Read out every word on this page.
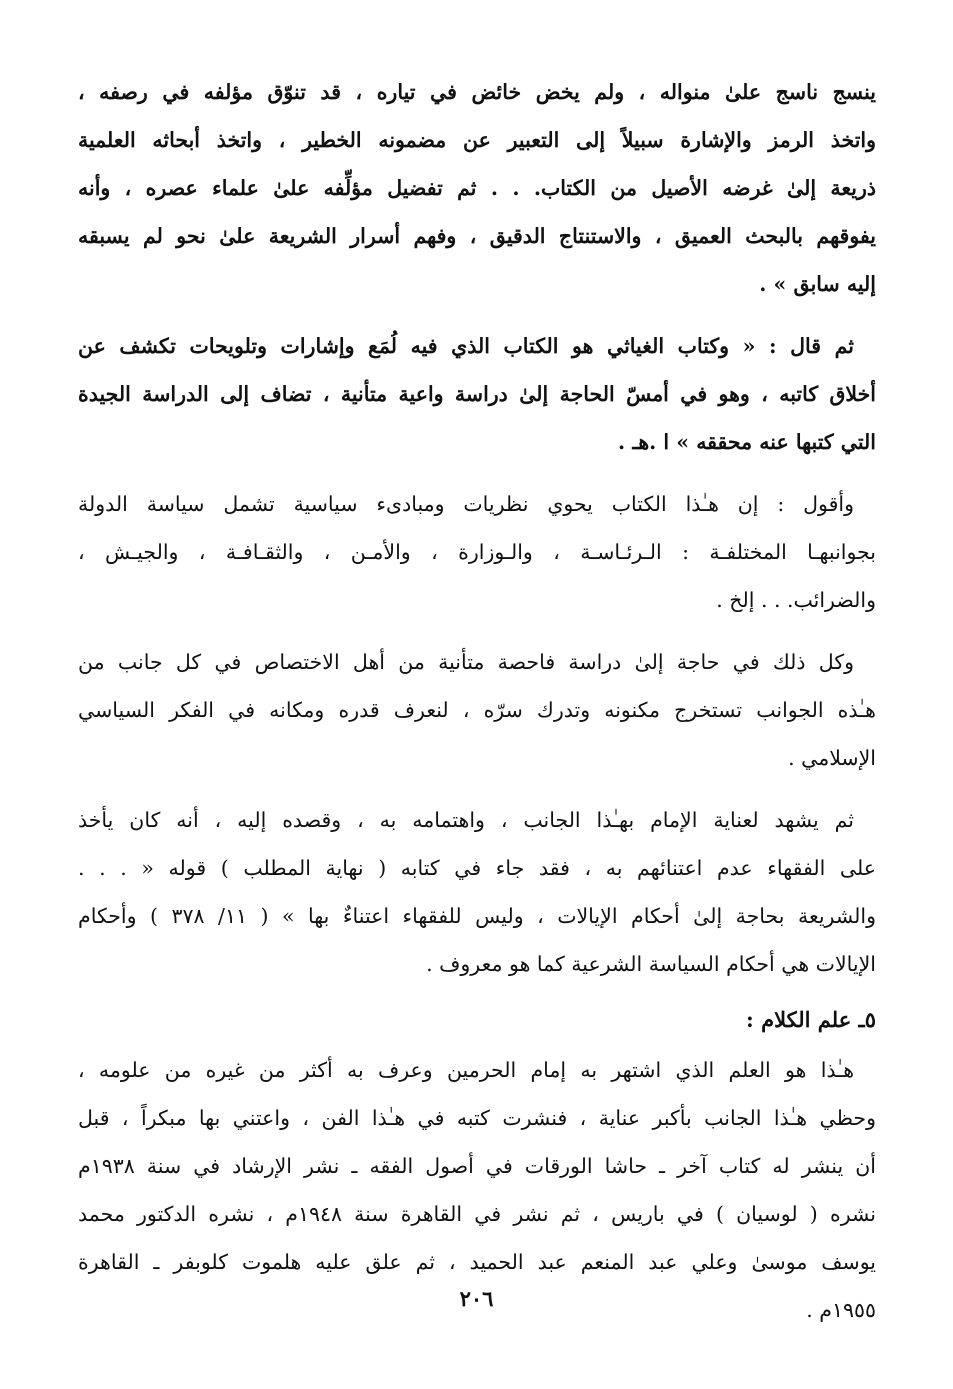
ينسج ناسج علىٰ منواله ، ولم يخض خائض في تياره ، قد تنوّق مؤلفه في رصفه ،
واتخذ الرمز والإشارة سبيلاً إلى التعبير عن مضمونه الخطير ، واتخذ أبحاثه العلمية
ذريعة إلىٰ غرضه الأصيل من الكتاب. . . ثم تفضيل مؤلِّفه علىٰ علماء عصره ، وأنه
يفوقهم بالبحث العميق ، والاستنتاج الدقيق ، وفهم أسرار الشريعة علىٰ نحو لم يسبقه
إليه سابق » .
ثم قال : « وكتاب الغياثي هو الكتاب الذي فيه لُمَع وإشارات وتلويحات تكشف عن
أخلاق كاتبه ، وهو في أمسّ الحاجة إلىٰ دراسة واعية متأنية ، تضاف إلى الدراسة الجيدة
التي كتبها عنه محققه » ا .هـ .
وأقول : إن هـٰذا الكتاب يحوي نظريات ومبادىء سياسية تشمل سياسة الدولة
بجوانبهـا المختلفـة : الـرئـاسـة ، والـوزارة ، والأمـن ، والثقـافـة ، والجيـش ،
والضرائب. . . إلخ .
وكل ذلك في حاجة إلىٰ دراسة فاحصة متأنية من أهل الاختصاص في كل جانب من
هـٰذه الجوانب تستخرج مكنونه وتدرك سرّه ، لنعرف قدره ومكانه في الفكر السياسي
الإسلامي .
ثم يشهد لعناية الإمام بهـٰذا الجانب ، واهتمامه به ، وقصده إليه ، أنه كان يأخذ
على الفقهاء عدم اعتنائهم به ، فقد جاء في كتابه ( نهاية المطلب ) قوله « . . .
والشريعة بحاجة إلىٰ أحكام الإيالات ، وليس للفقهاء اعتناءٌ بها » ( ١١/ ٣٧٨ ) وأحكام
الإيالات هي أحكام السياسة الشرعية كما هو معروف .
٥ـ علم الكلام :
هـٰذا هو العلم الذي اشتهر به إمام الحرمين وعرف به أكثر من غيره من علومه ،
وحظي هـٰذا الجانب بأكبر عناية ، فنشرت كتبه في هـٰذا الفن ، واعتني بها مبكراً ، قبل
أن ينشر له كتاب آخر ـ حاشا الورقات في أصول الفقه ـ نشر الإرشاد في سنة ١٩٣٨م
نشره ( لوسيان ) في باريس ، ثم نشر في القاهرة سنة ١٩٤٨م ، نشره الدكتور محمد
يوسف موسىٰ وعلي عبد المنعم عبد الحميد ، ثم علق عليه هلموت كلوبفر ـ القاهرة
١٩٥٥م .
٢٠٦
